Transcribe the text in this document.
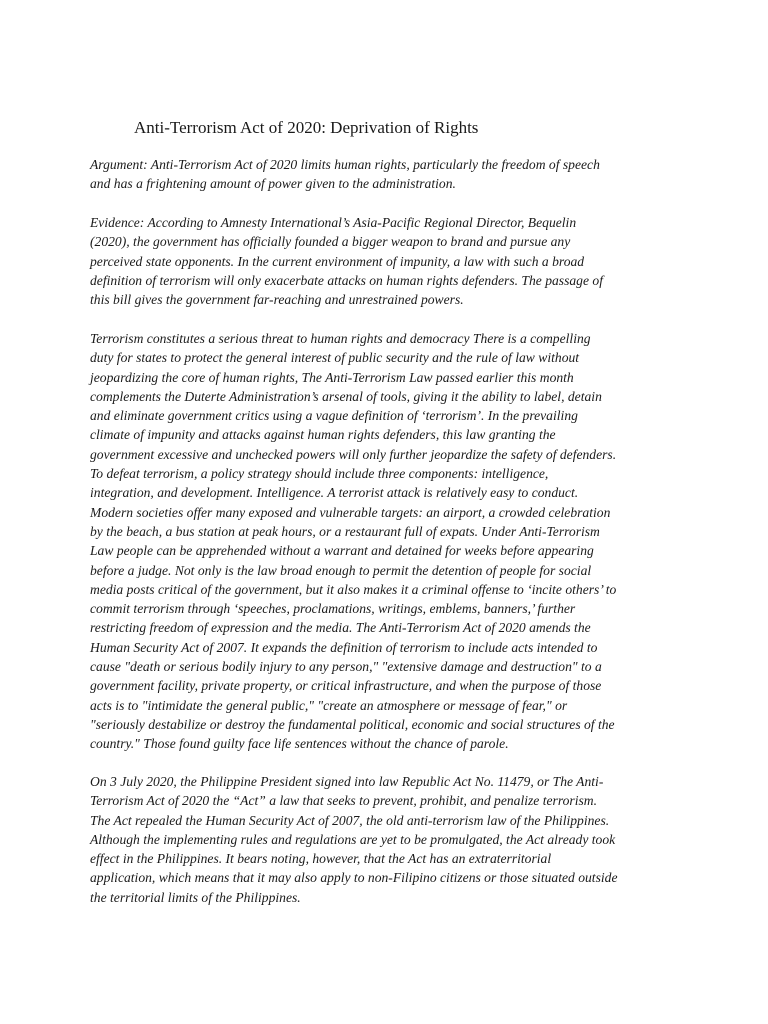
Anti-Terrorism Act of 2020: Deprivation of Rights

Argument: Anti-Terrorism Act of 2020 limits human rights, particularly the freedom of speech
and has a frightening amount of power given to the administration.

Evidence: According to Amnesty International’s Asia-Pacific Regional Director, Bequelin
(2020), the government has officially founded a bigger weapon to brand and pursue any
perceived state opponents. In the current environment of impunity, a law with such a broad
definition of terrorism will only exacerbate attacks on human rights defenders. The passage of
this bill gives the government far-reaching and unrestrained powers.

Terrorism constitutes a serious threat to human rights and democracy There is a compelling
duty for states to protect the general interest of public security and the rule of law without
jeopardizing the core of human rights, The Anti-Terrorism Law passed earlier this month
complements the Duterte Administration’s arsenal of tools, giving it the ability to label, detain
and eliminate government critics using a vague definition of ‘terrorism’. In the prevailing
climate of impunity and attacks against human rights defenders, this law granting the
government excessive and unchecked powers will only further jeopardize the safety of defenders.
To defeat terrorism, a policy strategy should include three components: intelligence,
integration, and development. Intelligence. A terrorist attack is relatively easy to conduct.
Modern societies offer many exposed and vulnerable targets: an airport, a crowded celebration
by the beach, a bus station at peak hours, or a restaurant full of expats. Under Anti-Terrorism
Law people can be apprehended without a warrant and detained for weeks before appearing
before a judge. Not only is the law broad enough to permit the detention of people for social
media posts critical of the government, but it also makes it a criminal offense to ‘incite others’ to
commit terrorism through ‘speeches, proclamations, writings, emblems, banners,’ further
restricting freedom of expression and the media. The Anti-Terrorism Act of 2020 amends the
Human Security Act of 2007. It expands the definition of terrorism to include acts intended to
cause "death or serious bodily injury to any person," "extensive damage and destruction" to a
government facility, private property, or critical infrastructure, and when the purpose of those
acts is to "intimidate the general public," "create an atmosphere or message of fear," or
"seriously destabilize or destroy the fundamental political, economic and social structures of the
country." Those found guilty face life sentences without the chance of parole.

On 3 July 2020, the Philippine President signed into law Republic Act No. 11479, or The Anti-
Terrorism Act of 2020 the “Act” a law that seeks to prevent, prohibit, and penalize terrorism.
The Act repealed the Human Security Act of 2007, the old anti-terrorism law of the Philippines.
Although the implementing rules and regulations are yet to be promulgated, the Act already took
effect in the Philippines. It bears noting, however, that the Act has an extraterritorial
application, which means that it may also apply to non-Filipino citizens or those situated outside
the territorial limits of the Philippines.
